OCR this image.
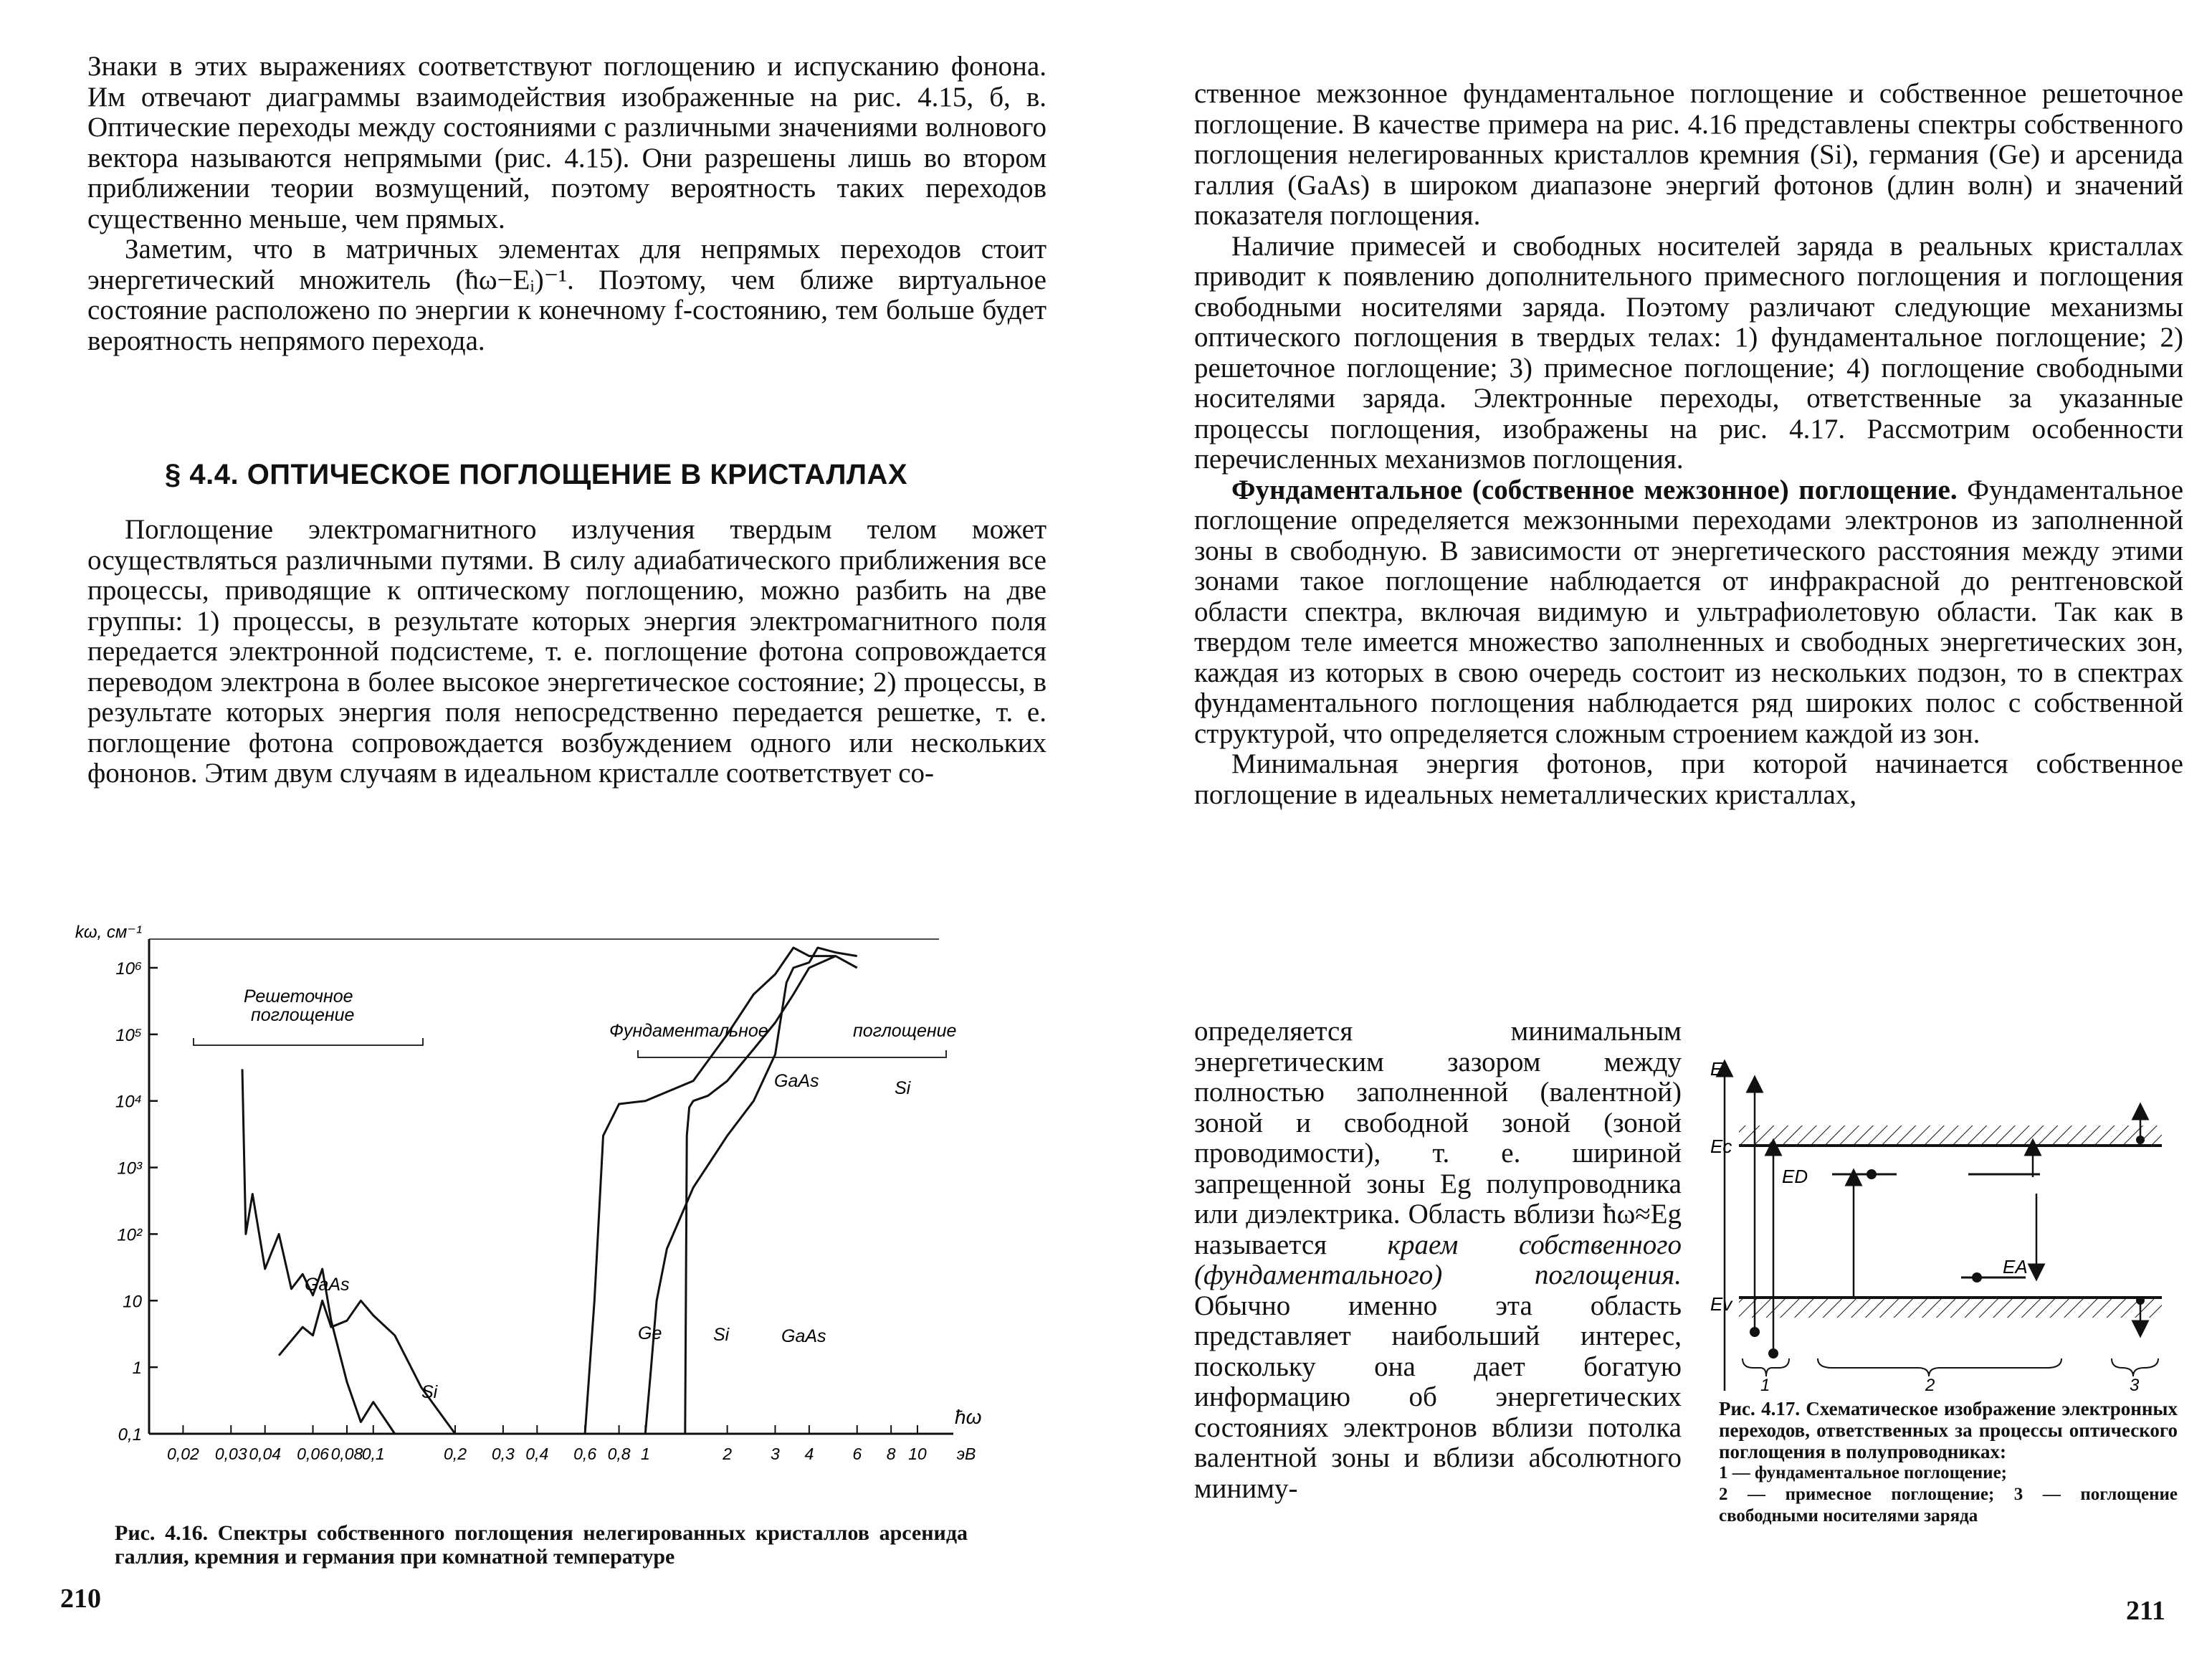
Знаки в этих выражениях соответствуют поглощению и испусканию фонона. Им отвечают диаграммы взаимодействия изображенные на рис. 4.15, б, в. Оптические переходы между состояниями с различными значениями волнового вектора называются непрямыми (рис. 4.15). Они разрешены лишь во втором приближении теории возмущений, поэтому вероятность таких переходов существенно меньше, чем прямых.

Заметим, что в матричных элементах для непрямых переходов стоит энергетический множитель (ħω−Eᵢ)⁻¹. Поэтому, чем ближе виртуальное состояние расположено по энергии к конечному f-состоянию, тем больше будет вероятность непрямого перехода.

§ 4.4. ОПТИЧЕСКОЕ ПОГЛОЩЕНИЕ В КРИСТАЛЛАХ

Поглощение электромагнитного излучения твердым телом может осуществляться различными путями. В силу адиабатического приближения все процессы, приводящие к оптическому поглощению, можно разбить на две группы: 1) процессы, в результате которых энергия электромагнитного поля передается электронной подсистеме, т. е. поглощение фотона сопровождается переводом электрона в более высокое энергетическое состояние; 2) процессы, в результате которых энергия поля непосредственно передается решетке, т. е. поглощение фотона сопровождается возбуждением одного или нескольких фононов. Этим двум случаям в идеальном кристалле соответствует со-

10⁶
10⁵
10⁴
10³
10²
10
1
0,1
kω, см⁻¹
0,02 0,03 0,04 0,06 0,08
0,1	0,2 0,3 0,4 0,6 0,8 1	2 3 4 6 8 10 эВ
ħω
Решеточное
поглощение
Фундаментальное	поглощение
GaAs
Si
Ge	Si	GaAs
GaAs	Si
Рис. 4.16. Спектры собственного поглощения нелегированных кристаллов арсенида галлия, кремния и германия при комнатной температуре
210

ственное межзонное фундаментальное поглощение и собственное решеточное поглощение. В качестве примера на рис. 4.16 представлены спектры собственного поглощения нелегированных кристаллов кремния (Si), германия (Ge) и арсенида галлия (GaAs) в широком диапазоне энергий фотонов (длин волн) и значений показателя поглощения.

Наличие примесей и свободных носителей заряда в реальных кристаллах приводит к появлению дополнительного примесного поглощения и поглощения свободными носителями заряда. Поэтому различают следующие механизмы оптического поглощения в твердых телах: 1) фундаментальное поглощение; 2) решеточное поглощение; 3) примесное поглощение; 4) поглощение свободными носителями заряда. Электронные переходы, ответственные за указанные процессы поглощения, изображены на рис. 4.17. Рассмотрим особенности перечисленных механизмов поглощения.

Фундаментальное (собственное межзонное) поглощение. Фундаментальное поглощение определяется межзонными переходами электронов из заполненной зоны в свободную. В зависимости от энергетического расстояния между этими зонами такое поглощение наблюдается от инфракрасной до рентгеновской области спектра, включая видимую и ультрафиолетовую области. Так как в твердом теле имеется множество заполненных и свободных энергетических зон, каждая из которых в свою очередь состоит из нескольких подзон, то в спектрах фундаментального поглощения наблюдается ряд широких полос с собственной структурой, что определяется сложным строением каждой из зон.

Минимальная энергия фотонов, при которой начинается собственное поглощение в идеальных неметаллических кристаллах,

определяется минимальным энергетическим зазором между полностью заполненной (валентной) зоной и свободной зоной (зоной проводимости), т. е. шириной запрещенной зоны Eg полупроводника или диэлектрика. Область вблизи ħω≈Eg называется краем собственного (фундаментального) поглощения. Обычно именно эта область представляет наибольший интерес, поскольку она дает богатую информацию об энергетических состояниях электронов вблизи потолка валентной зоны и вблизи абсолютного миниму-

E
Ec
Ev
ED
EA
1	2	3
Рис. 4.17. Схематическое изображение электронных переходов, ответственных за процессы оптического поглощения в полупроводниках:
1 — фундаментальное поглощение;
2 — примесное поглощение; 3 — поглощение свободными носителями заряда
211
